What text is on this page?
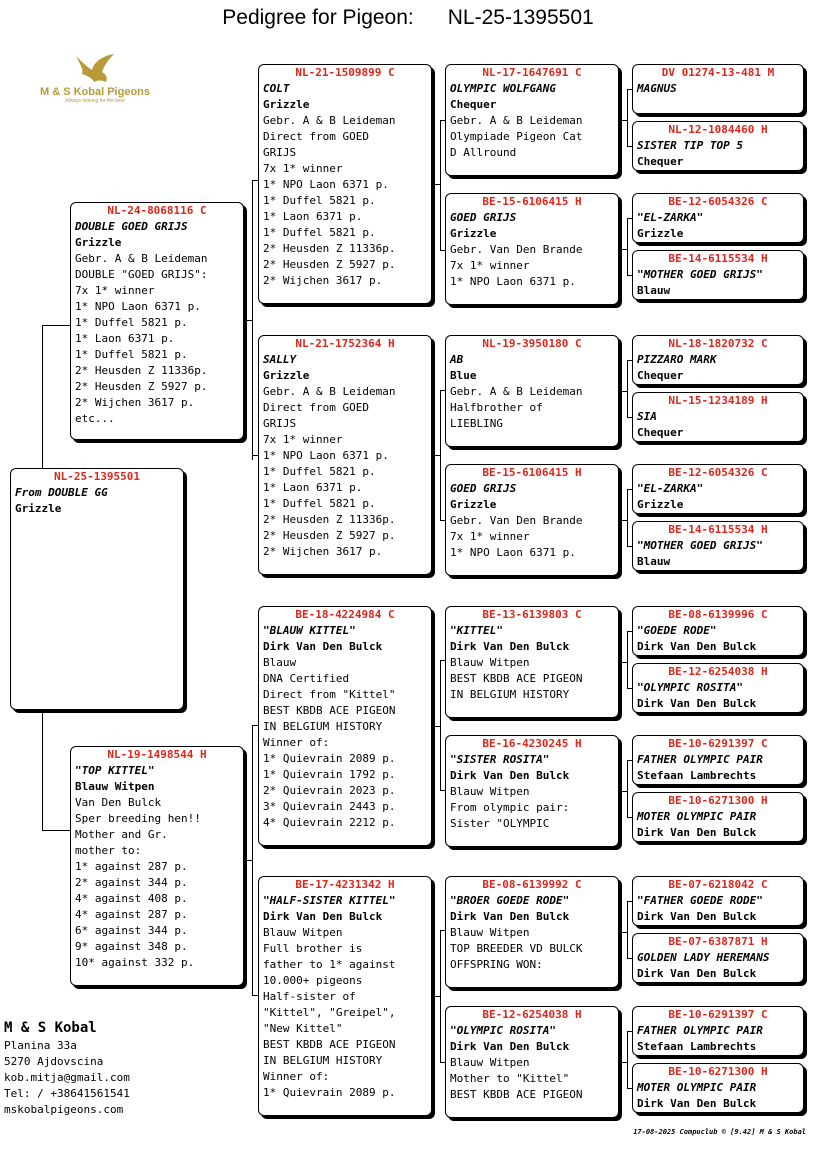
Pedigree for Pigeon: NL-25-1395501
M & S Kobal Pigeons
Always looking for the best
NL-25-1395501
From DOUBLE GG
Grizzle
NL-24-8068116 C
DOUBLE GOED GRIJS
Grizzle
Gebr. A & B Leideman
DOUBLE "GOED GRIJS":
7x 1* winner
1* NPO Laon 6371 p.
1* Duffel 5821 p.
1* Laon 6371 p.
1* Duffel 5821 p.
2* Heusden Z 11336p.
2* Heusden Z 5927 p.
2* Wijchen 3617 p.
etc...
NL-19-1498544 H
"TOP KITTEL"
Blauw Witpen
Van Den Bulck
Sper breeding hen!!
Mother and Gr.
mother to:
1* against 287 p.
2* against 344 p.
4* against 408 p.
4* against 287 p.
6* against 344 p.
9* against 348 p.
10* against 332 p.
NL-21-1509899 C
COLT
Grizzle
Gebr. A & B Leideman
Direct from GOED
GRIJS
7x 1* winner
1* NPO Laon 6371 p.
1* Duffel 5821 p.
1* Laon 6371 p.
1* Duffel 5821 p.
2* Heusden Z 11336p.
2* Heusden Z 5927 p.
2* Wijchen 3617 p.
NL-21-1752364 H
SALLY
Grizzle
Gebr. A & B Leideman
Direct from GOED
GRIJS
7x 1* winner
1* NPO Laon 6371 p.
1* Duffel 5821 p.
1* Laon 6371 p.
1* Duffel 5821 p.
2* Heusden Z 11336p.
2* Heusden Z 5927 p.
2* Wijchen 3617 p.
BE-18-4224984 C
"BLAUW KITTEL"
Dirk Van Den Bulck
Blauw
DNA Certified
Direct from "Kittel"
BEST KBDB ACE PIGEON
IN BELGIUM HISTORY
Winner of:
1* Quievrain 2089 p.
1* Quievrain 1792 p.
2* Quievrain 2023 p.
3* Quievrain 2443 p.
4* Quievrain 2212 p.
BE-17-4231342 H
"HALF-SISTER KITTEL"
Dirk Van Den Bulck
Blauw Witpen
Full brother is
father to 1* against
10.000+ pigeons
Half-sister of
"Kittel", "Greipel",
"New Kittel"
BEST KBDB ACE PIGEON
IN BELGIUM HISTORY
Winner of:
1* Quievrain 2089 p.
NL-17-1647691 C
OLYMPIC WOLFGANG
Chequer
Gebr. A & B Leideman
Olympiade Pigeon Cat
D Allround
BE-15-6106415 H
GOED GRIJS
Grizzle
Gebr. Van Den Brande
7x 1* winner
1* NPO Laon 6371 p.
NL-19-3950180 C
AB
Blue
Gebr. A & B Leideman
Halfbrother of
LIEBLING
BE-15-6106415 H
GOED GRIJS
Grizzle
Gebr. Van Den Brande
7x 1* winner
1* NPO Laon 6371 p.
BE-13-6139803 C
"KITTEL"
Dirk Van Den Bulck
Blauw Witpen
BEST KBDB ACE PIGEON
IN BELGIUM HISTORY
BE-16-4230245 H
"SISTER ROSITA"
Dirk Van Den Bulck
Blauw Witpen
From olympic pair:
Sister "OLYMPIC
BE-08-6139992 C
"BROER GOEDE RODE"
Dirk Van Den Bulck
Blauw Witpen
TOP BREEDER VD BULCK
OFFSPRING WON:
BE-12-6254038 H
"OLYMPIC ROSITA"
Dirk Van Den Bulck
Blauw Witpen
Mother to "Kittel"
BEST KBDB ACE PIGEON
DV 01274-13-481 M
MAGNUS
NL-12-1084460 H
SISTER TIP TOP 5
Chequer
BE-12-6054326 C
"EL-ZARKA"
Grizzle
BE-14-6115534 H
"MOTHER GOED GRIJS"
Blauw
NL-18-1820732 C
PIZZARO MARK
Chequer
NL-15-1234189 H
SIA
Chequer
BE-12-6054326 C
"EL-ZARKA"
Grizzle
BE-14-6115534 H
"MOTHER GOED GRIJS"
Blauw
BE-08-6139996 C
"GOEDE RODE"
Dirk Van Den Bulck
BE-12-6254038 H
"OLYMPIC ROSITA"
Dirk Van Den Bulck
BE-10-6291397 C
FATHER OLYMPIC PAIR
Stefaan Lambrechts
BE-10-6271300 H
MOTER OLYMPIC PAIR
Dirk Van Den Bulck
BE-07-6218042 C
"FATHER GOEDE RODE"
Dirk Van Den Bulck
BE-07-6387871 H
GOLDEN LADY HEREMANS
Dirk Van Den Bulck
BE-10-6291397 C
FATHER OLYMPIC PAIR
Stefaan Lambrechts
BE-10-6271300 H
MOTER OLYMPIC PAIR
Dirk Van Den Bulck
M & S Kobal
Planina 33a
5270 Ajdovscina
kob.mitja@gmail.com
Tel: / +38641561541
mskobalpigeons.com
17-08-2025 Compuclub © [9.42] M & S Kobal
